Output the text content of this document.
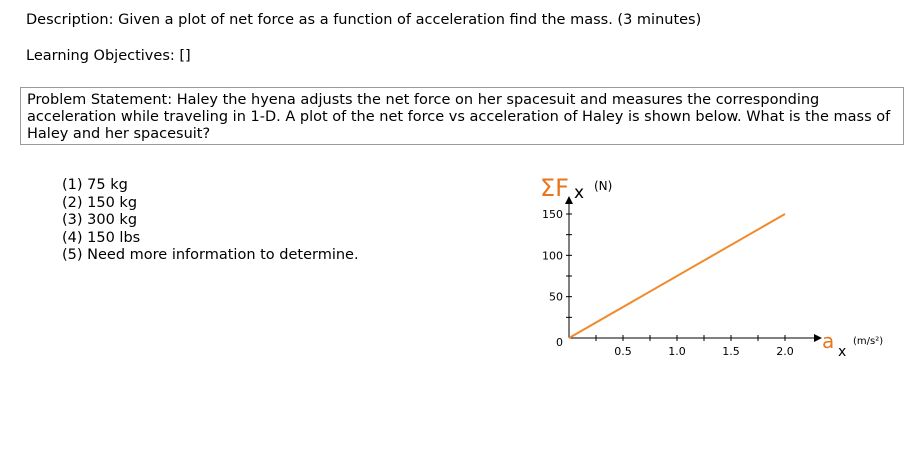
Description: Given a plot of net force as a function of acceleration find the mass. (3 minutes)
Learning Objectives: []
Problem Statement: Haley the hyena adjusts the net force on her spacesuit and measures the corresponding acceleration while traveling in 1-D. A plot of the net force vs acceleration of Haley is shown below. What is the mass of Haley and her spacesuit?
(1) 75 kg
(2) 150 kg
(3) 300 kg
(4) 150 lbs
(5) Need more information to determine.
ΣF x (N)
a x
(m/s²)
0.5	1.0	1.5	2.0
50
100
150
0
